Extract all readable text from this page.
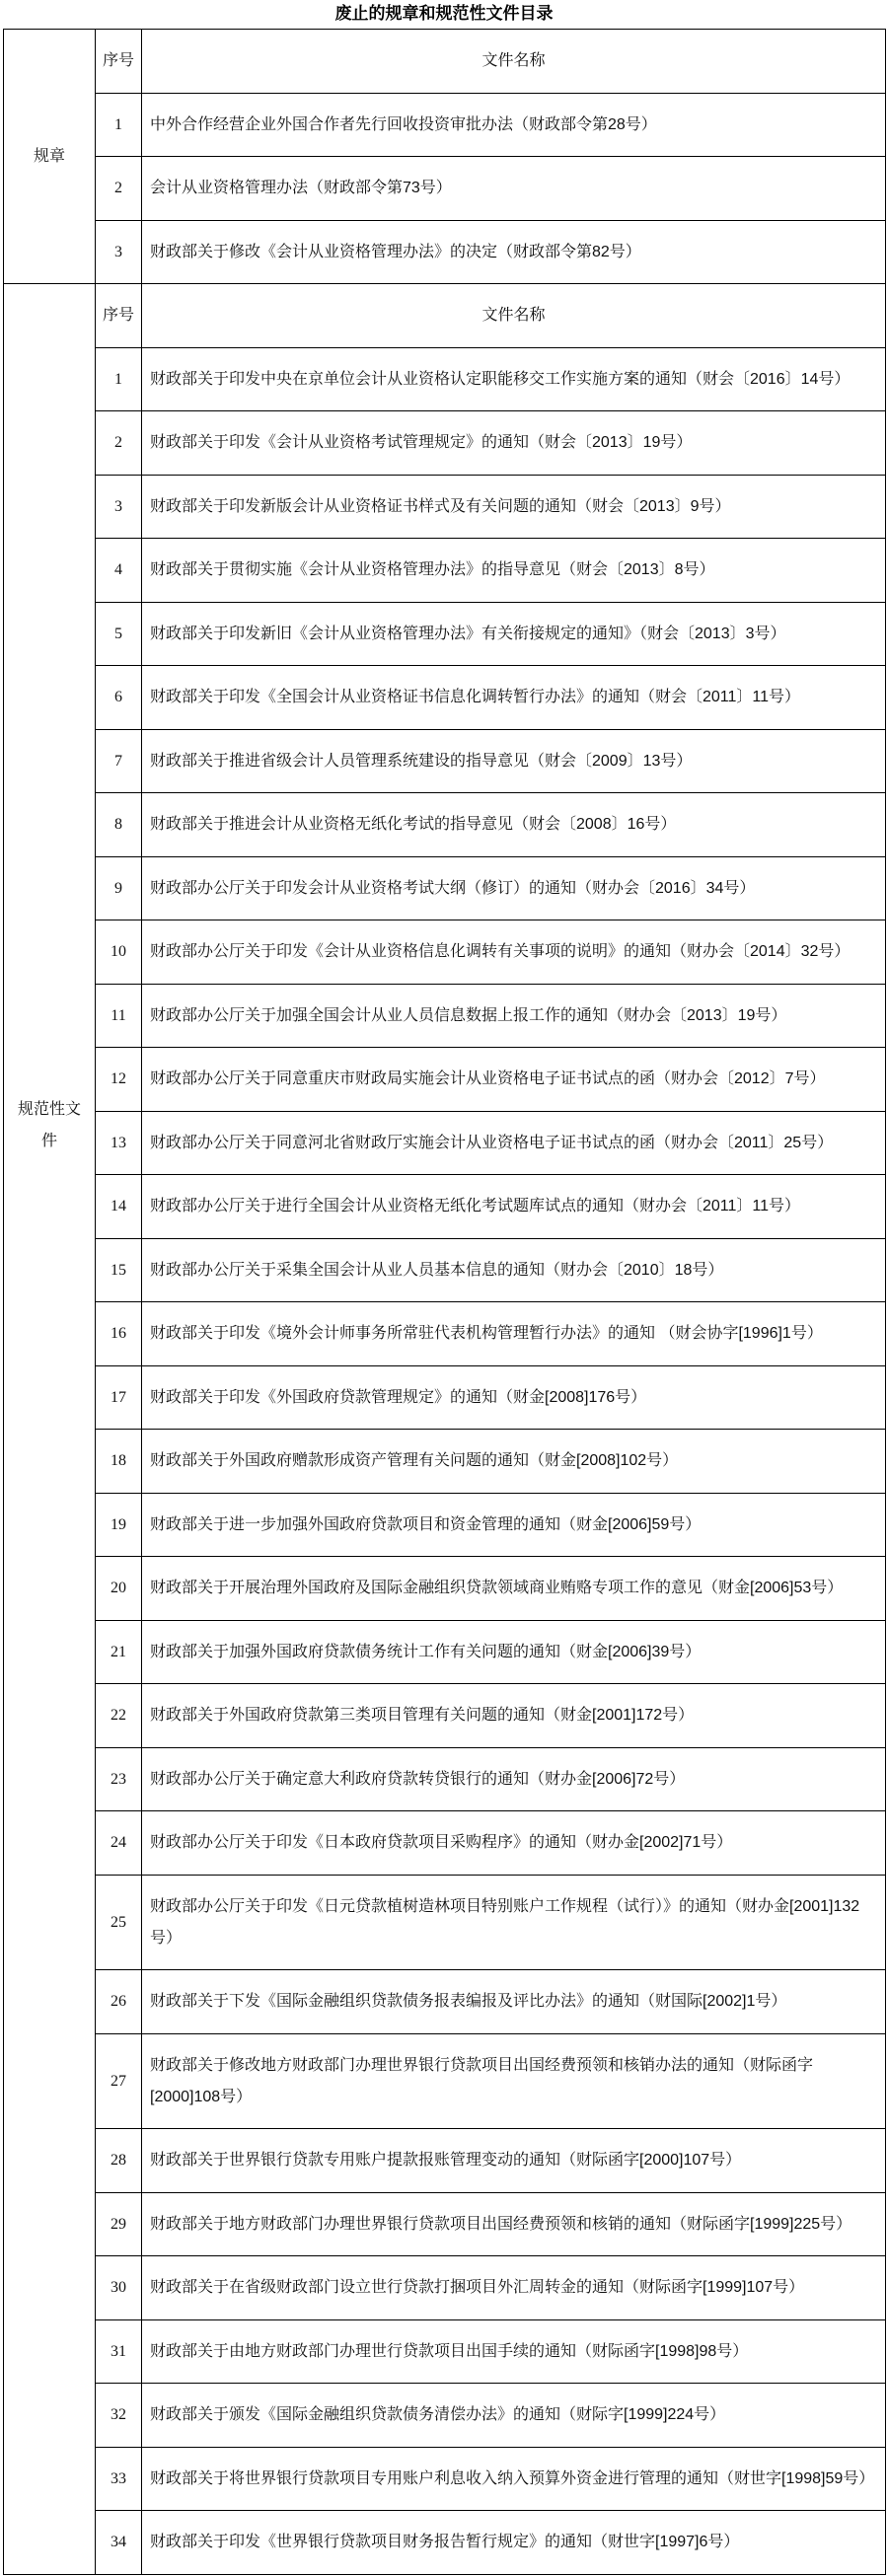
废止的规章和规范性文件目录
规章	序号	文件名称
	1	中外合作经营企业外国合作者先行回收投资审批办法（财政部令第28号）
	2	会计从业资格管理办法（财政部令第73号）
	3	财政部关于修改《会计从业资格管理办法》的决定（财政部令第82号）
规范性文件	序号	文件名称
	1	财政部关于印发中央在京单位会计从业资格认定职能移交工作实施方案的通知（财会〔2016〕14号）
	2	财政部关于印发《会计从业资格考试管理规定》的通知（财会〔2013〕19号）
	3	财政部关于印发新版会计从业资格证书样式及有关问题的通知（财会〔2013〕9号）
	4	财政部关于贯彻实施《会计从业资格管理办法》的指导意见（财会〔2013〕8号）
	5	财政部关于印发新旧《会计从业资格管理办法》有关衔接规定的通知》（财会〔2013〕3号）
	6	财政部关于印发《全国会计从业资格证书信息化调转暂行办法》的通知（财会〔2011〕11号）
	7	财政部关于推进省级会计人员管理系统建设的指导意见（财会〔2009〕13号）
	8	财政部关于推进会计从业资格无纸化考试的指导意见（财会〔2008〕16号）
	9	财政部办公厅关于印发会计从业资格考试大纲（修订）的通知（财办会〔2016〕34号）
	10	财政部办公厅关于印发《会计从业资格信息化调转有关事项的说明》的通知（财办会〔2014〕32号）
	11	财政部办公厅关于加强全国会计从业人员信息数据上报工作的通知（财办会〔2013〕19号）
	12	财政部办公厅关于同意重庆市财政局实施会计从业资格电子证书试点的函（财办会〔2012〕7号）
	13	财政部办公厅关于同意河北省财政厅实施会计从业资格电子证书试点的函（财办会〔2011〕25号）
	14	财政部办公厅关于进行全国会计从业资格无纸化考试题库试点的通知（财办会〔2011〕11号）
	15	财政部办公厅关于采集全国会计从业人员基本信息的通知（财办会〔2010〕18号）
	16	财政部关于印发《境外会计师事务所常驻代表机构管理暂行办法》的通知 （财会协字[1996]1号）
	17	财政部关于印发《外国政府贷款管理规定》的通知（财金[2008]176号）
	18	财政部关于外国政府赠款形成资产管理有关问题的通知（财金[2008]102号）
	19	财政部关于进一步加强外国政府贷款项目和资金管理的通知（财金[2006]59号）
	20	财政部关于开展治理外国政府及国际金融组织贷款领域商业贿赂专项工作的意见（财金[2006]53号）
	21	财政部关于加强外国政府贷款债务统计工作有关问题的通知（财金[2006]39号）
	22	财政部关于外国政府贷款第三类项目管理有关问题的通知（财金[2001]172号）
	23	财政部办公厅关于确定意大利政府贷款转贷银行的通知（财办金[2006]72号）
	24	财政部办公厅关于印发《日本政府贷款项目采购程序》的通知（财办金[2002]71号）
	25	财政部办公厅关于印发《日元贷款植树造林项目特别账户工作规程（试行）》的通知（财办金[2001]132号）
	26	财政部关于下发《国际金融组织贷款债务报表编报及评比办法》的通知（财国际[2002]1号）
	27	财政部关于修改地方财政部门办理世界银行贷款项目出国经费预领和核销办法的通知（财际函字[2000]108号）
	28	财政部关于世界银行贷款专用账户提款报账管理变动的通知（财际函字[2000]107号）
	29	财政部关于地方财政部门办理世界银行贷款项目出国经费预领和核销的通知（财际函字[1999]225号）
	30	财政部关于在省级财政部门设立世行贷款打捆项目外汇周转金的通知（财际函字[1999]107号）
	31	财政部关于由地方财政部门办理世行贷款项目出国手续的通知（财际函字[1998]98号）
	32	财政部关于颁发《国际金融组织贷款债务清偿办法》的通知（财际字[1999]224号）
	33	财政部关于将世界银行贷款项目专用账户利息收入纳入预算外资金进行管理的通知（财世字[1998]59号）
	34	财政部关于印发《世界银行贷款项目财务报告暂行规定》的通知（财世字[1997]6号）
